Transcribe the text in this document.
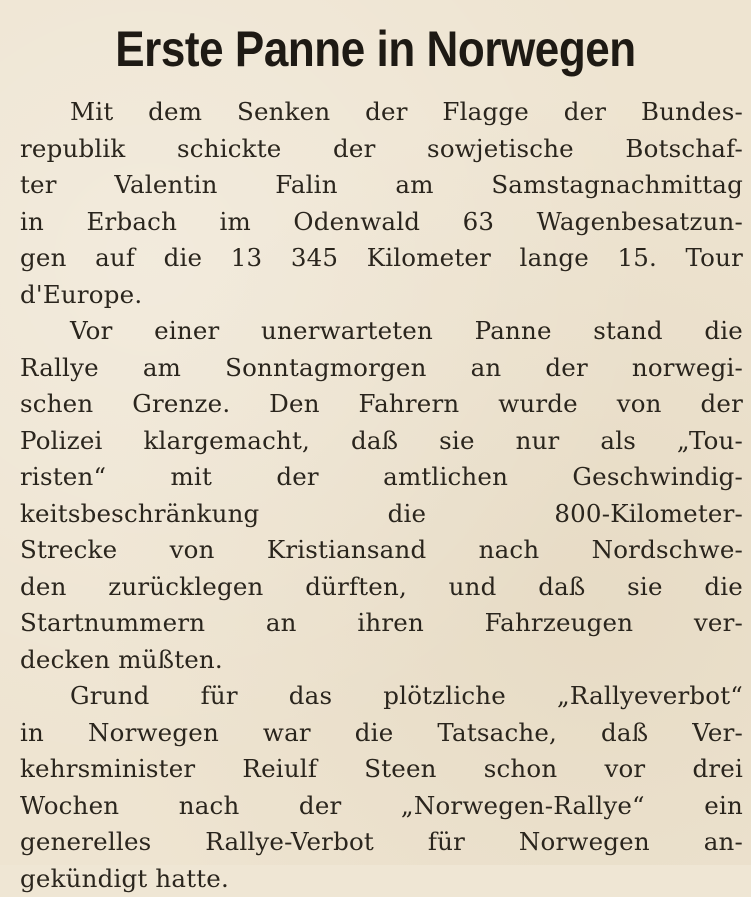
Erste Panne in Norwegen
Mit dem Senken der Flagge der Bundes-
republik schickte der sowjetische Botschaf-
ter Valentin Falin am Samstagnachmittag
in Erbach im Odenwald 63 Wagenbesatzun-
gen auf die 13 345 Kilometer lange 15. Tour
d'Europe.
Vor einer unerwarteten Panne stand die
Rallye am Sonntagmorgen an der norwegi-
schen Grenze. Den Fahrern wurde von der
Polizei klargemacht, daß sie nur als „Tou-
risten“ mit der amtlichen Geschwindig-
keitsbeschränkung die 800-Kilometer-
Strecke von Kristiansand nach Nordschwe-
den zurücklegen dürften, und daß sie die
Startnummern an ihren Fahrzeugen ver-
decken müßten.
Grund für das plötzliche „Rallyeverbot“
in Norwegen war die Tatsache, daß Ver-
kehrsminister Reiulf Steen schon vor drei
Wochen nach der „Norwegen-Rallye“ ein
generelles Rallye-Verbot für Norwegen an-
gekündigt hatte.
